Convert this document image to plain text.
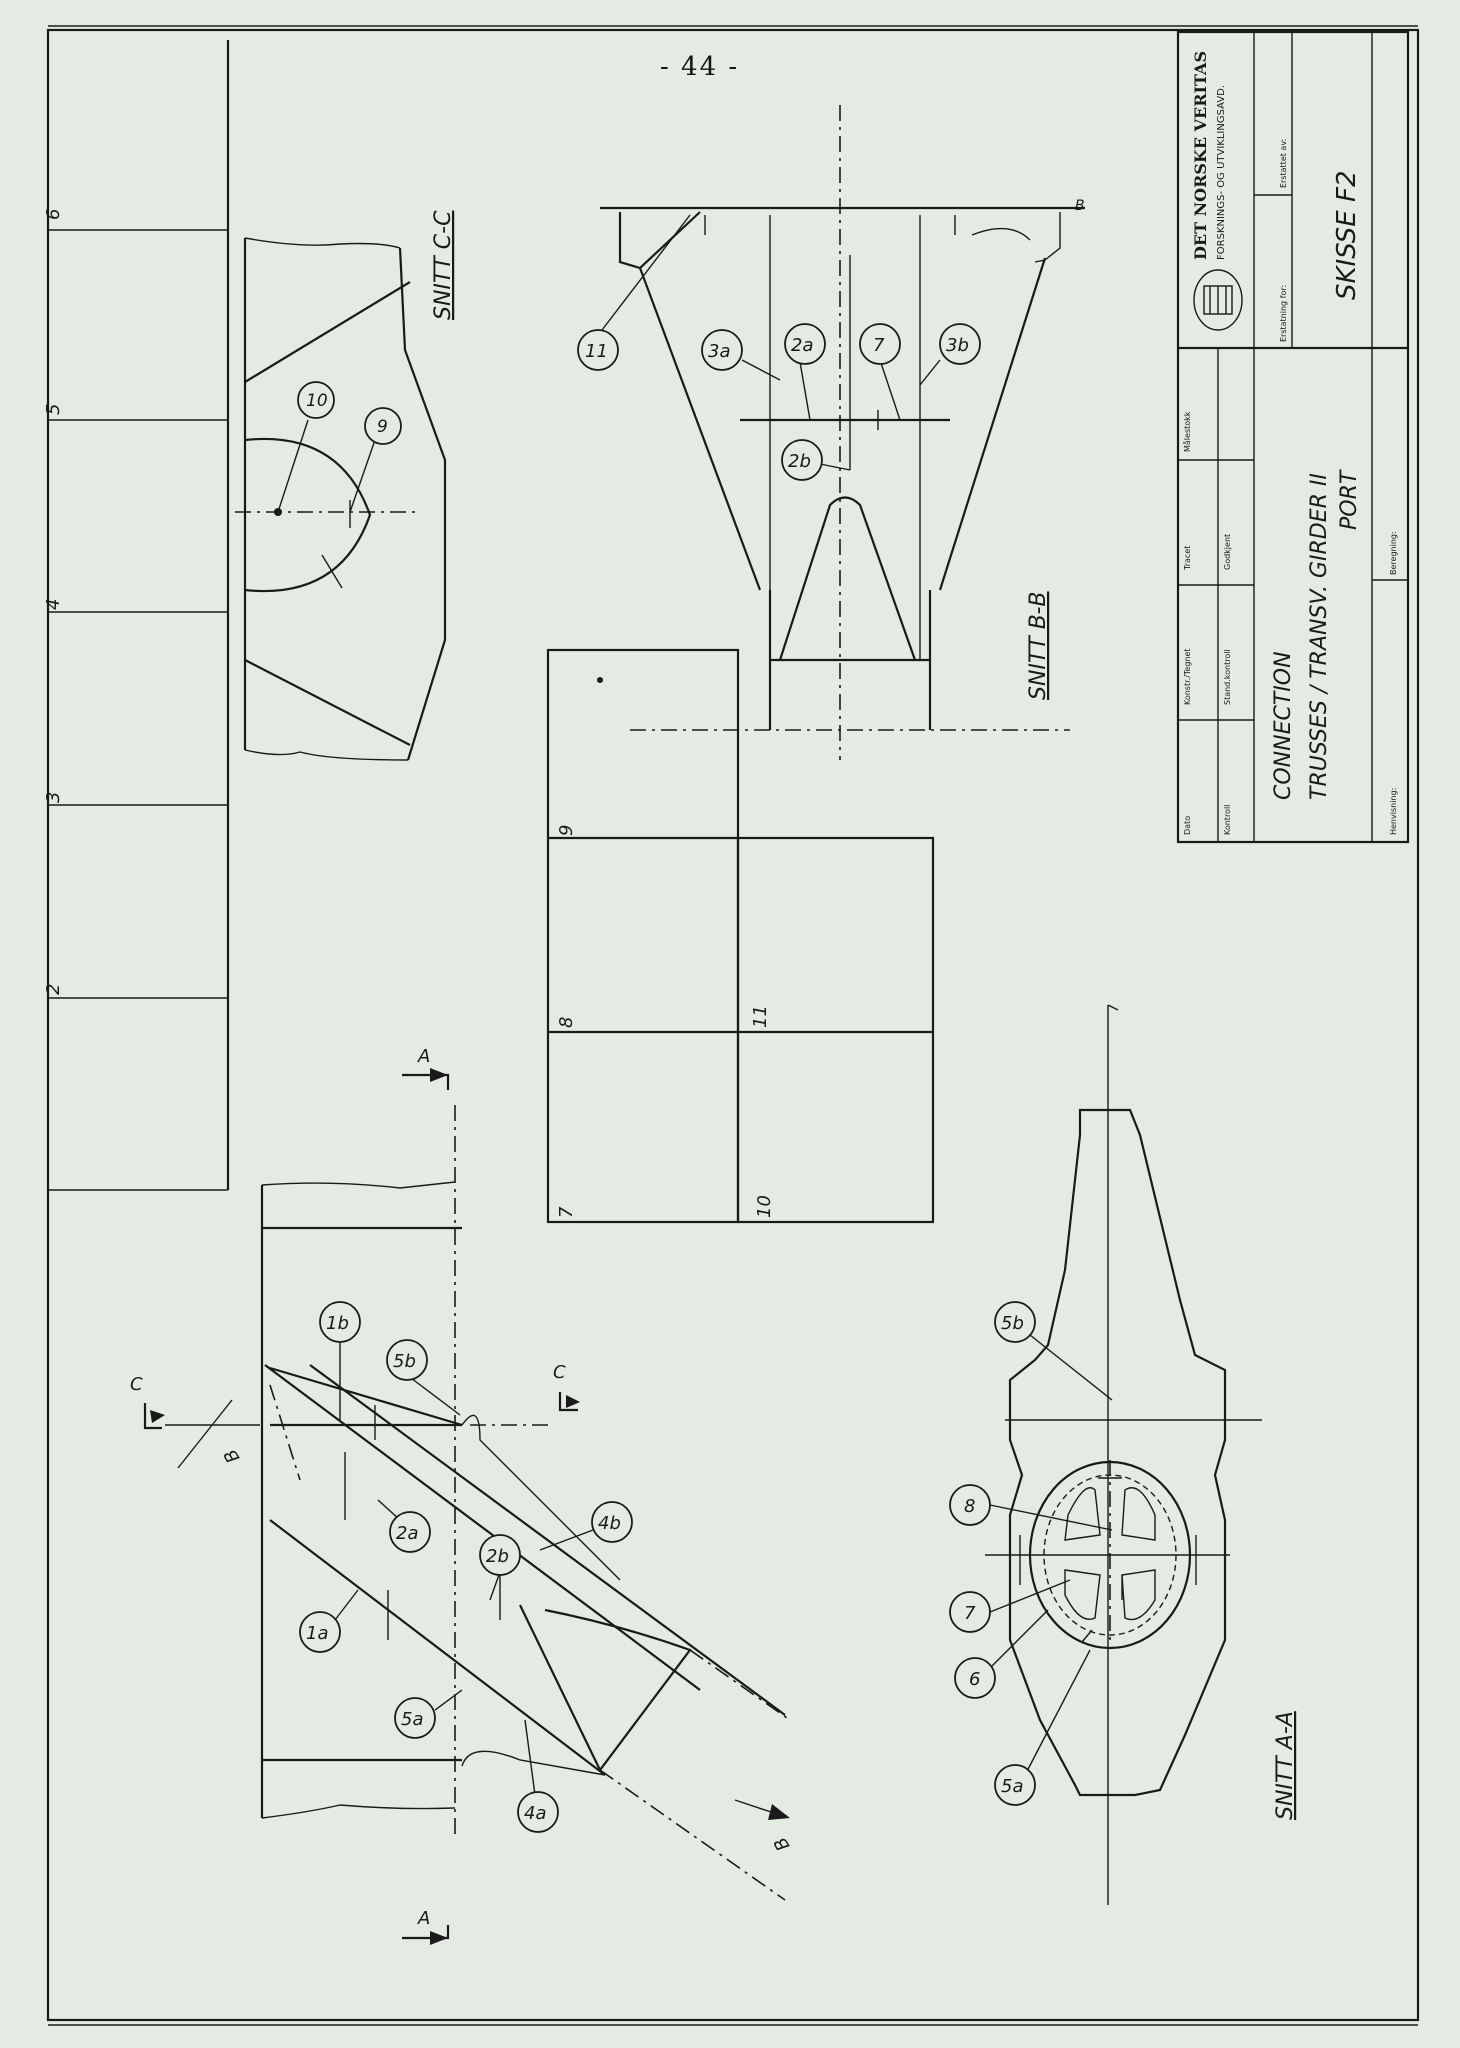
- 44 -	DET NORSKE VERITAS FORSKNINGS- OG UTVIKLINGSAVD.	Erstattet av:
Erstatning for:
SKISSE F2
Målestokk
Dato
Konstr./Tegnet
Tracet
Kontroll
Stand.kontroll
Godkjent
CONNECTION TRUSSES / TRANSV. GIRDER II PORT
Henvisning:
Beregning:
6
5
4
3
2
SNITT C-C
10
9
B
SNITT B-B
11	3a	2a	7	3b
2b
9
8	11
7	10
A
A
C
C
B
B
1b
5b
2a
2b
4b
1a
5a
4a	SNITT A-A
5b
8
7
6
5a
